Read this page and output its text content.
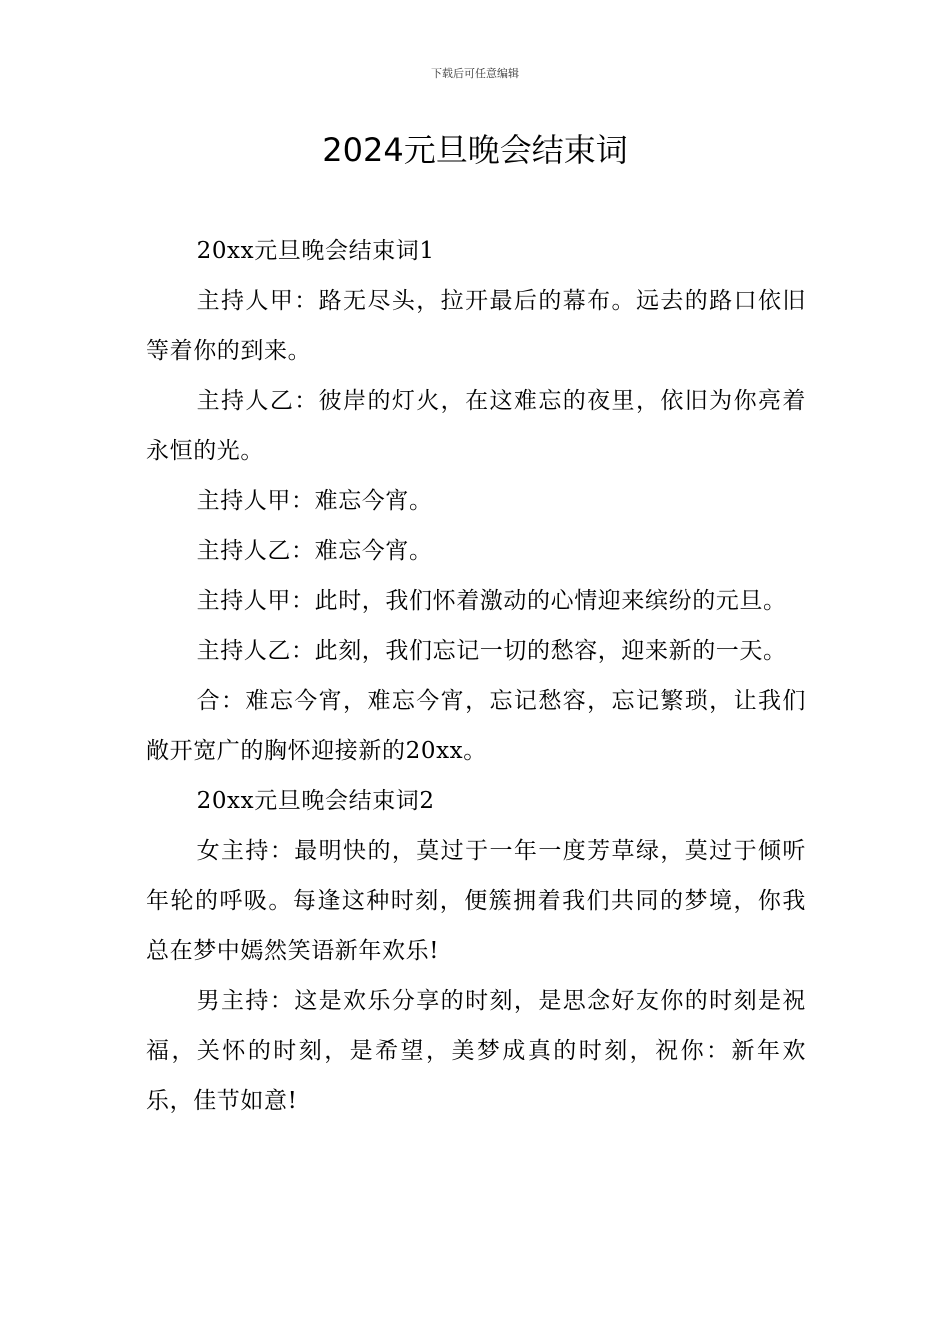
下载后可任意编辑
2024元旦晚会结束词

20xx元旦晚会结束词1

主持人甲：路无尽头，拉开最后的幕布。远去的路口依旧等着你的到来。

主持人乙：彼岸的灯火，在这难忘的夜里，依旧为你亮着永恒的光。

主持人甲：难忘今宵。

主持人乙：难忘今宵。

主持人甲：此时，我们怀着激动的心情迎来缤纷的元旦。

主持人乙：此刻，我们忘记一切的愁容，迎来新的一天。

合：难忘今宵，难忘今宵，忘记愁容，忘记繁琐，让我们敞开宽广的胸怀迎接新的20xx。

20xx元旦晚会结束词2

女主持：最明快的，莫过于一年一度芳草绿，莫过于倾听年轮的呼吸。每逢这种时刻，便簇拥着我们共同的梦境，你我总在梦中嫣然笑语新年欢乐!

男主持：这是欢乐分享的时刻，是思念好友你的时刻是祝福，关怀的时刻，是希望，美梦成真的时刻，祝你：新年欢乐，佳节如意!
